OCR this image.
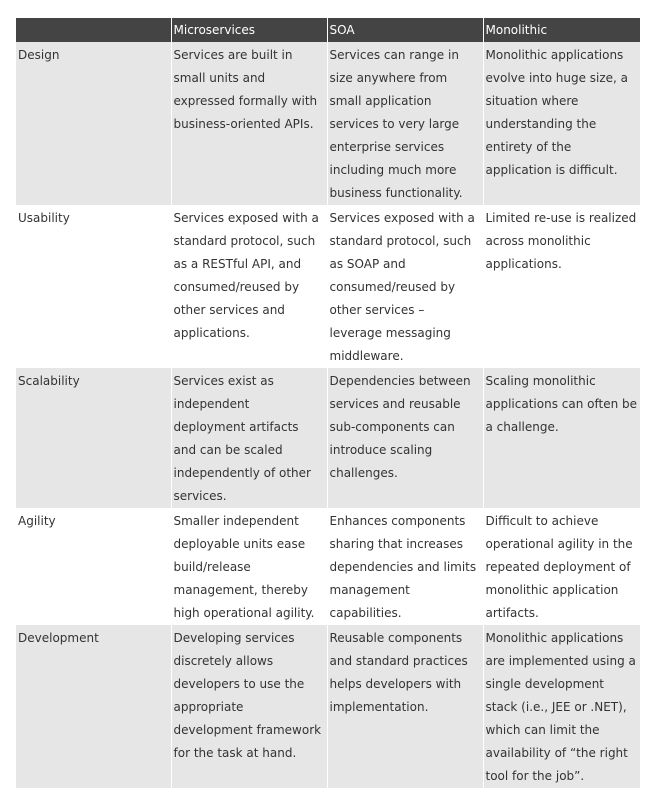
	Microservices	SOA	Monolithic
Design	Services are built in small units and expressed formally with business-oriented APIs.	Services can range in size anywhere from small application services to very large enterprise services including much more business functionality.	Monolithic applications evolve into huge size, a situation where understanding the entirety of the application is difficult.
Usability	Services exposed with a standard protocol, such as a RESTful API, and consumed/reused by other services and applications.	Services exposed with a standard protocol, such as SOAP and consumed/reused by other services – leverage messaging middleware.	Limited re-use is realized across monolithic applications.
Scalability	Services exist as independent deployment artifacts and can be scaled independently of other services.	Dependencies between services and reusable sub-components can introduce scaling challenges.	Scaling monolithic applications can often be a challenge.
Agility	Smaller independent deployable units ease build/release management, thereby high operational agility.	Enhances components sharing that increases dependencies and limits management capabilities.	Difficult to achieve operational agility in the repeated deployment of monolithic application artifacts.
Development	Developing services discretely allows developers to use the appropriate development framework for the task at hand.	Reusable components and standard practices helps developers with implementation.	Monolithic applications are implemented using a single development stack (i.e., JEE or .NET), which can limit the availability of “the right tool for the job”.
